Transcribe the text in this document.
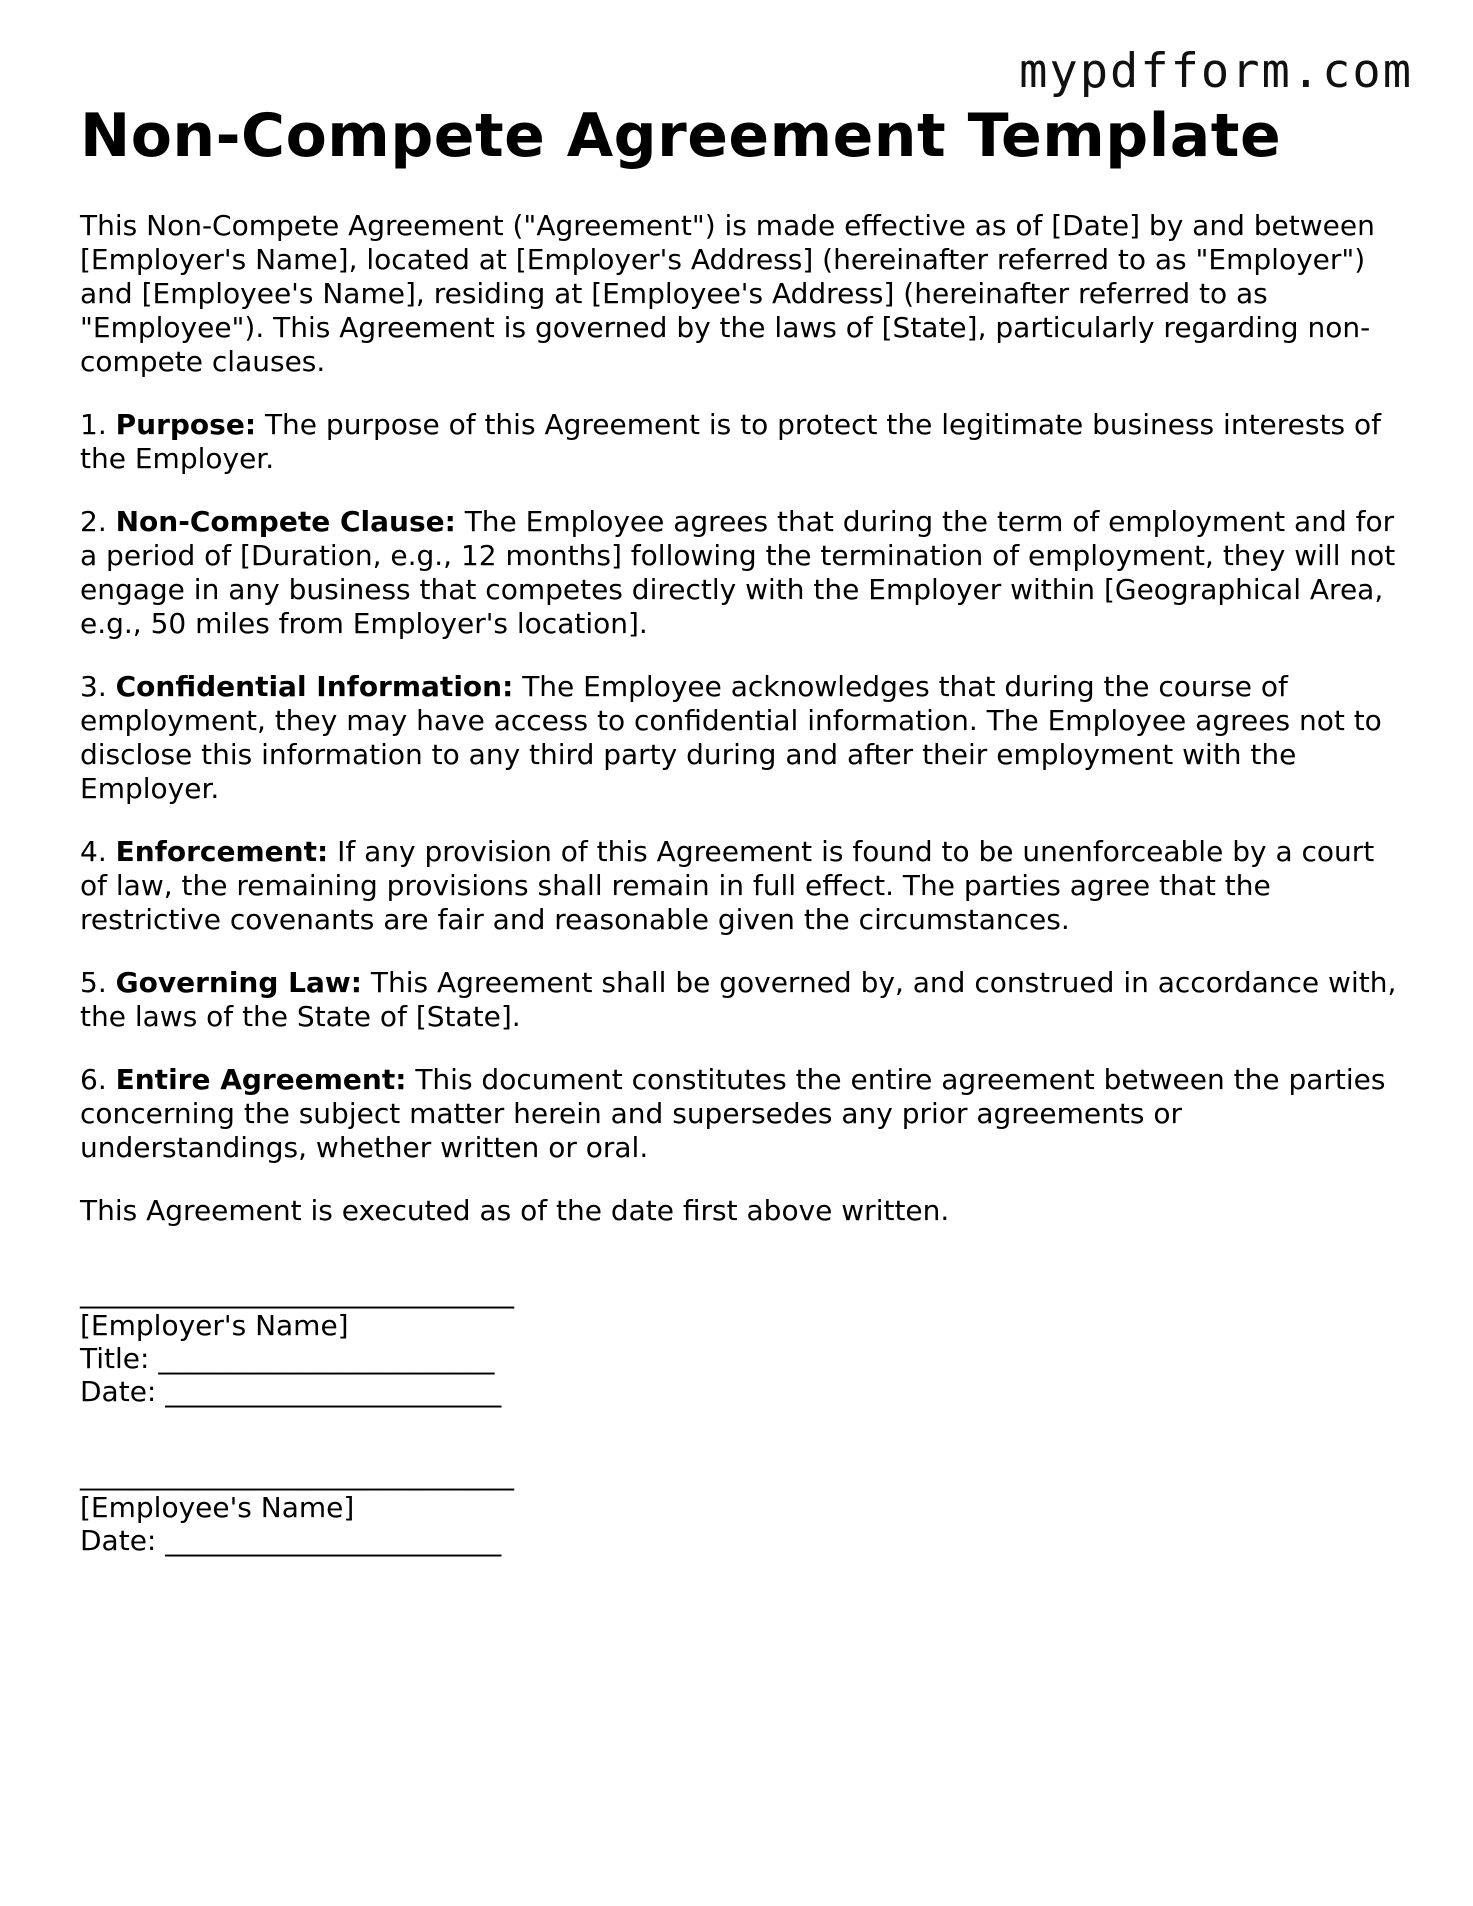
mypdfform.com
Non-Compete Agreement Template

This Non-Compete Agreement ("Agreement") is made effective as of [Date] by and between [Employer's Name], located at [Employer's Address] (hereinafter referred to as "Employer") and [Employee's Name], residing at [Employee's Address] (hereinafter referred to as "Employee"). This Agreement is governed by the laws of [State], particularly regarding non-compete clauses.

1. Purpose: The purpose of this Agreement is to protect the legitimate business interests of the Employer.

2. Non-Compete Clause: The Employee agrees that during the term of employment and for a period of [Duration, e.g., 12 months] following the termination of employment, they will not engage in any business that competes directly with the Employer within [Geographical Area, e.g., 50 miles from Employer's location].

3. Confidential Information: The Employee acknowledges that during the course of employment, they may have access to confidential information. The Employee agrees not to disclose this information to any third party during and after their employment with the Employer.

4. Enforcement: If any provision of this Agreement is found to be unenforceable by a court of law, the remaining provisions shall remain in full effect. The parties agree that the restrictive covenants are fair and reasonable given the circumstances.

5. Governing Law: This Agreement shall be governed by, and construed in accordance with, the laws of the State of [State].

6. Entire Agreement: This document constitutes the entire agreement between the parties concerning the subject matter herein and supersedes any prior agreements or understandings, whether written or oral.

This Agreement is executed as of the date first above written.

_______________________________
[Employer's Name]
Title: ________________________
Date: ________________________
_______________________________
[Employee's Name]
Date: ________________________
